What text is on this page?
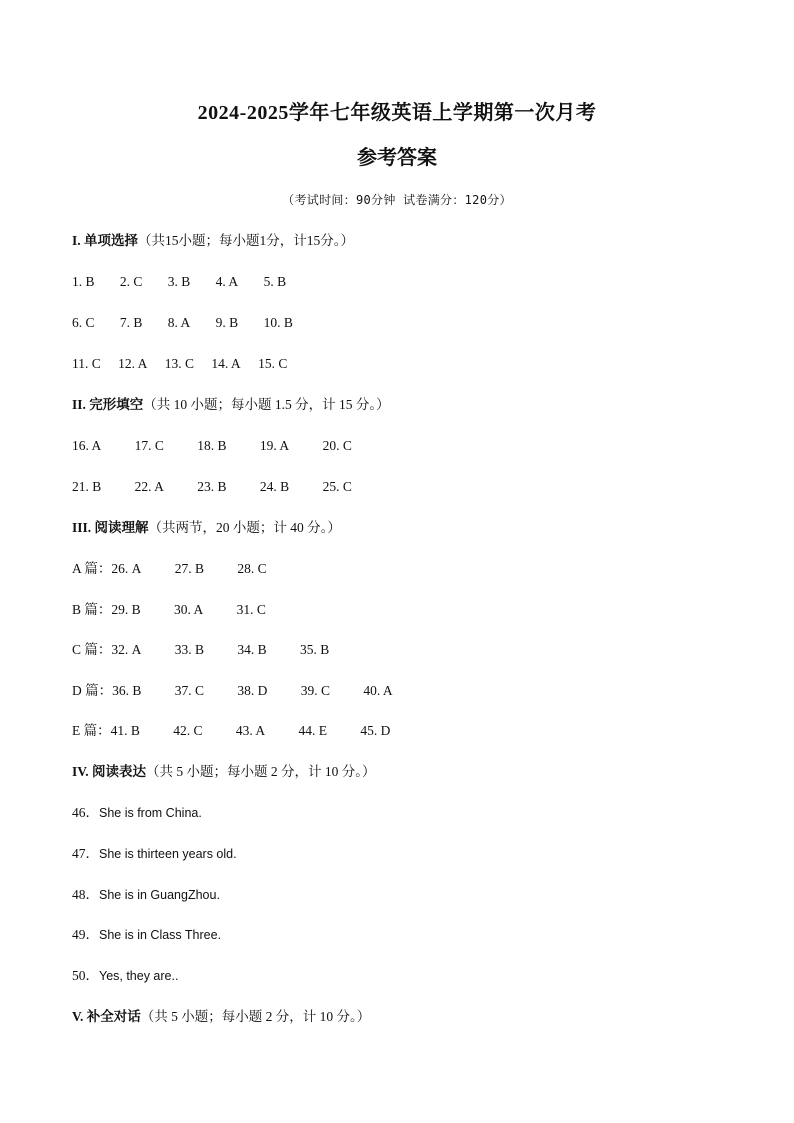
2024-2025学年七年级英语上学期第一次月考
参考答案
（考试时间：90分钟 试卷满分：120分）
I. 单项选择（共15小题；每小题1分，计15分。）
1. B 2. C 3. B 4. A 5. B
6. C 7. B 8. A 9. B 10. B
11. C 12. A 13. C 14. A 15. C
II. 完形填空（共 10 小题；每小题 1.5 分，计 15 分。）
16. A 17. C 18. B 19. A 20. C
21. B 22. A 23. B 24. B 25. C
III. 阅读理解（共两节，20 小题；计 40 分。）
A 篇：26. A 27. B 28. C
B 篇：29. B 30. A 31. C
C 篇：32. A 33. B 34. B 35. B
D 篇：36. B 37. C 38. D 39. C 40. A
E 篇：41. B 42. C 43. A 44. E 45. D
IV. 阅读表达（共 5 小题；每小题 2 分，计 10 分。）
46．She is from China.
47．She is thirteen years old.
48．She is in GuangZhou.
49．She is in Class Three.
50．Yes, they are..
V. 补全对话（共 5 小题；每小题 2 分，计 10 分。）
